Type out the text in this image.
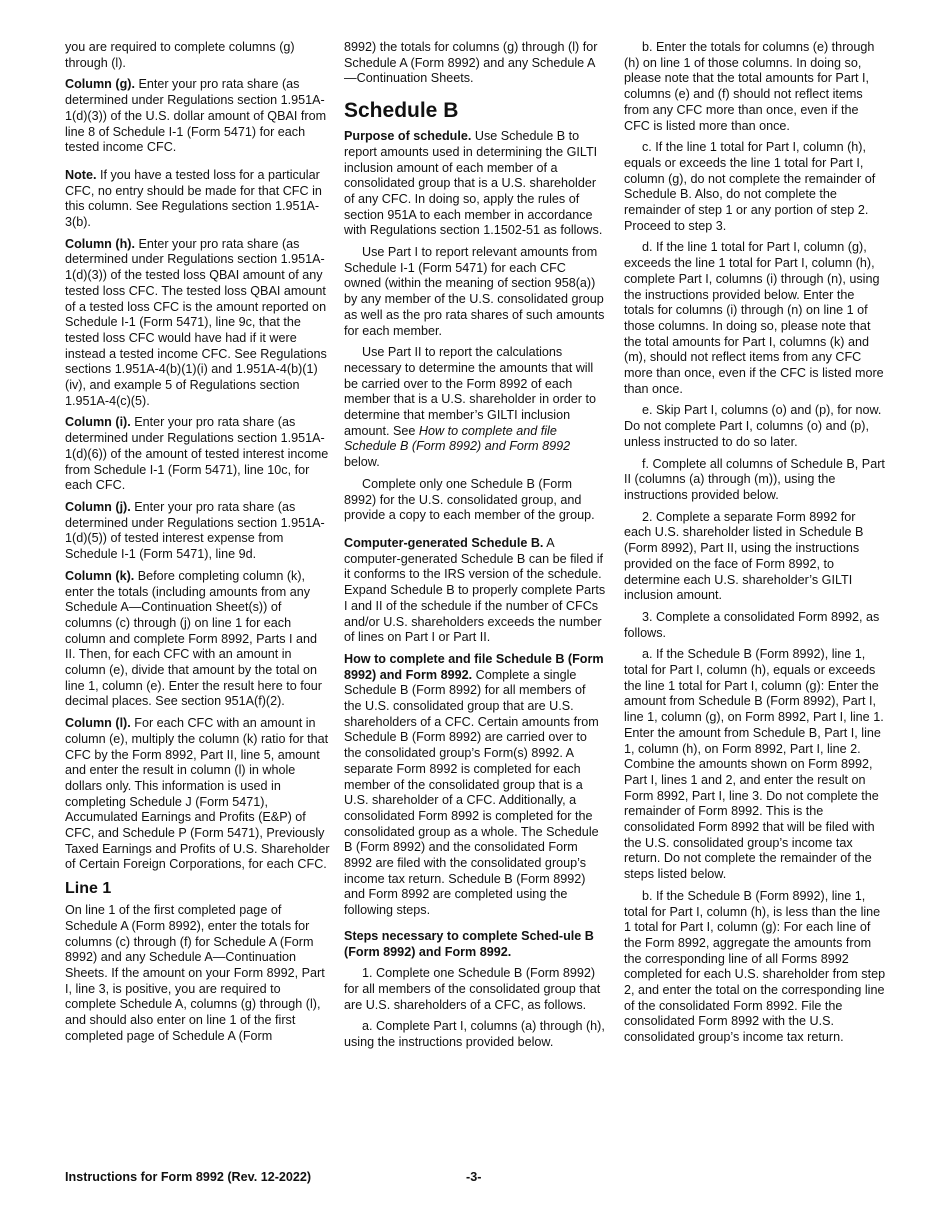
you are required to complete columns (g) through (l).

Column (g). Enter your pro rata share (as determined under Regulations section 1.951A-1(d)(3)) of the U.S. dollar amount of QBAI from line 8 of Schedule I-1 (Form 5471) for each tested income CFC.

Note. If you have a tested loss for a particular CFC, no entry should be made for that CFC in this column. See Regulations section 1.951A-3(b).

Column (h). Enter your pro rata share (as determined under Regulations section 1.951A-1(d)(3)) of the tested loss QBAI amount of any tested loss CFC. The tested loss QBAI amount of a tested loss CFC is the amount reported on Schedule I-1 (Form 5471), line 9c, that the tested loss CFC would have had if it were instead a tested income CFC. See Regulations sections 1.951A-4(b)(1)(i) and 1.951A-4(b)(1)(iv), and example 5 of Regulations section 1.951A-4(c)(5).

Column (i). Enter your pro rata share (as determined under Regulations section 1.951A-1(d)(6)) of the amount of tested interest income from Schedule I-1 (Form 5471), line 10c, for each CFC.

Column (j). Enter your pro rata share (as determined under Regulations section 1.951A-1(d)(5)) of tested interest expense from Schedule I-1 (Form 5471), line 9d.

Column (k). Before completing column (k), enter the totals (including amounts from any Schedule A—Continuation Sheet(s)) of columns (c) through (j) on line 1 for each column and complete Form 8992, Parts I and II. Then, for each CFC with an amount in column (e), divide that amount by the total on line 1, column (e). Enter the result here to four decimal places. See section 951A(f)(2).

Column (l). For each CFC with an amount in column (e), multiply the column (k) ratio for that CFC by the Form 8992, Part II, line 5, amount and enter the result in column (l) in whole dollars only. This information is used in completing Schedule J (Form 5471), Accumulated Earnings and Profits (E&P) of CFC, and Schedule P (Form 5471), Previously Taxed Earnings and Profits of U.S. Shareholder of Certain Foreign Corporations, for each CFC.

Line 1

On line 1 of the first completed page of Schedule A (Form 8992), enter the totals for columns (c) through (f) for Schedule A (Form 8992) and any Schedule A—Continuation Sheets. If the amount on your Form 8992, Part I, line 3, is positive, you are required to complete Schedule A, columns (g) through (l), and should also enter on line 1 of the first completed page of Schedule A (Form

8992) the totals for columns (g) through (l) for Schedule A (Form 8992) and any Schedule A—Continuation Sheets.

Schedule B

Purpose of schedule. Use Schedule B to report amounts used in determining the GILTI inclusion amount of each member of a consolidated group that is a U.S. shareholder of any CFC. In doing so, apply the rules of section 951A to each member in accordance with Regulations section 1.1502-51 as follows.

Use Part I to report relevant amounts from Schedule I-1 (Form 5471) for each CFC owned (within the meaning of section 958(a)) by any member of the U.S. consolidated group as well as the pro rata shares of such amounts for each member.

Use Part II to report the calculations necessary to determine the amounts that will be carried over to the Form 8992 of each member that is a U.S. shareholder in order to determine that member’s GILTI inclusion amount. See How to complete and file Schedule B (Form 8992) and Form 8992 below.

Complete only one Schedule B (Form 8992) for the U.S. consolidated group, and provide a copy to each member of the group.

Computer-generated Schedule B. A computer-generated Schedule B can be filed if it conforms to the IRS version of the schedule. Expand Schedule B to properly complete Parts I and II of the schedule if the number of CFCs and/or U.S. shareholders exceeds the number of lines on Part I or Part II.

How to complete and file Schedule B (Form 8992) and Form 8992. Complete a single Schedule B (Form 8992) for all members of the U.S. consolidated group that are U.S. shareholders of a CFC. Certain amounts from Schedule B (Form 8992) are carried over to the consolidated group’s Form(s) 8992. A separate Form 8992 is completed for each member of the consolidated group that is a U.S. shareholder of a CFC. Additionally, a consolidated Form 8992 is completed for the consolidated group as a whole. The Schedule B (Form 8992) and the consolidated Form 8992 are filed with the consolidated group’s income tax return. Schedule B (Form 8992) and Form 8992 are completed using the following steps.

Steps necessary to complete Sched-ule B (Form 8992) and Form 8992.

1. Complete one Schedule B (Form 8992) for all members of the consolidated group that are U.S. shareholders of a CFC, as follows.

a. Complete Part I, columns (a) through (h), using the instructions provided below.

b. Enter the totals for columns (e) through (h) on line 1 of those columns. In doing so, please note that the total amounts for Part I, columns (e) and (f) should not reflect items from any CFC more than once, even if the CFC is listed more than once.

c. If the line 1 total for Part I, column (h), equals or exceeds the line 1 total for Part I, column (g), do not complete the remainder of Schedule B. Also, do not complete the remainder of step 1 or any portion of step 2. Proceed to step 3.

d. If the line 1 total for Part I, column (g), exceeds the line 1 total for Part I, column (h), complete Part I, columns (i) through (n), using the instructions provided below. Enter the totals for columns (i) through (n) on line 1 of those columns. In doing so, please note that the total amounts for Part I, columns (k) and (m), should not reflect items from any CFC more than once, even if the CFC is listed more than once.

e. Skip Part I, columns (o) and (p), for now. Do not complete Part I, columns (o) and (p), unless instructed to do so later.

f. Complete all columns of Schedule B, Part II (columns (a) through (m)), using the instructions provided below.

2. Complete a separate Form 8992 for each U.S. shareholder listed in Schedule B (Form 8992), Part II, using the instructions provided on the face of Form 8992, to determine each U.S. shareholder’s GILTI inclusion amount.

3. Complete a consolidated Form 8992, as follows.

a. If the Schedule B (Form 8992), line 1, total for Part I, column (h), equals or exceeds the line 1 total for Part I, column (g): Enter the amount from Schedule B (Form 8992), Part I, line 1, column (g), on Form 8992, Part I, line 1. Enter the amount from Schedule B, Part I, line 1, column (h), on Form 8992, Part I, line 2. Combine the amounts shown on Form 8992, Part I, lines 1 and 2, and enter the result on Form 8992, Part I, line 3. Do not complete the remainder of Form 8992. This is the consolidated Form 8992 that will be filed with the U.S. consolidated group’s income tax return. Do not complete the remainder of the steps listed below.

b. If the Schedule B (Form 8992), line 1, total for Part I, column (h), is less than the line 1 total for Part I, column (g): For each line of the Form 8992, aggregate the amounts from the corresponding line of all Forms 8992 completed for each U.S. shareholder from step 2, and enter the total on the corresponding line of the consolidated Form 8992. File the consolidated Form 8992 with the U.S. consolidated group’s income tax return.

Instructions for Form 8992 (Rev. 12-2022)	-3-
